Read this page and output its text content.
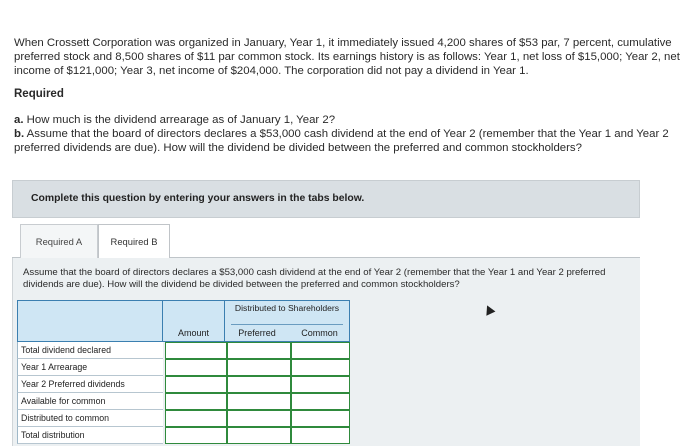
When Crossett Corporation was organized in January, Year 1, it immediately issued 4,200 shares of $53 par, 7 percent, cumulative preferred stock and 8,500 shares of $11 par common stock. Its earnings history is as follows: Year 1, net loss of $15,000; Year 2, net income of $121,000; Year 3, net income of $204,000. The corporation did not pay a dividend in Year 1.
Required
a. How much is the dividend arrearage as of January 1, Year 2?
b. Assume that the board of directors declares a $53,000 cash dividend at the end of Year 2 (remember that the Year 1 and Year 2 preferred dividends are due). How will the dividend be divided between the preferred and common stockholders?
Complete this question by entering your answers in the tabs below.
Required A	Required B
Assume that the board of directors declares a $53,000 cash dividend at the end of Year 2 (remember that the Year 1 and Year 2 preferred dividends are due). How will the dividend be divided between the preferred and common stockholders?
Amount
Distributed to Shareholders
Preferred	Common
Total dividend declared
Year 1 Arrearage
Year 2 Preferred dividends
Available for common
Distributed to common
Total distribution
